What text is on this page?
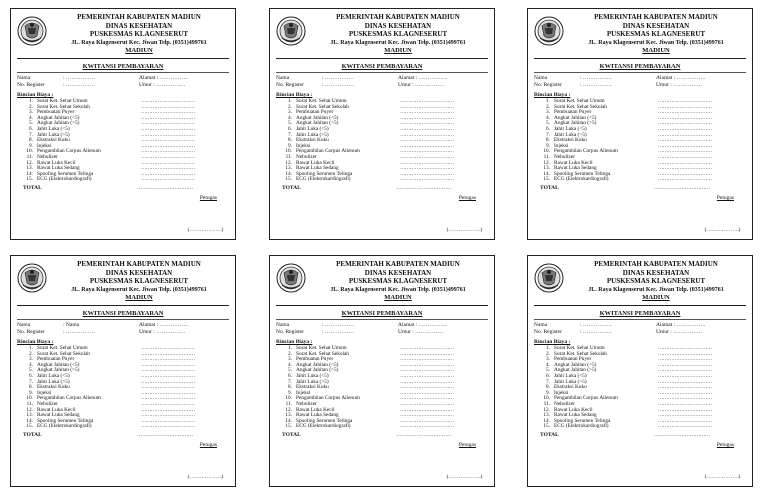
PEMERINTAH KABUPATEN MADIUN
DINAS KESEHATAN
PUSKESMAS KLAGNESERUT
JL. Raya Klagenserut Kec. Jiwan Telp. (0351)499761
MADIUN
KWITANSI PEMBAYARAN
Nama	: …………….	Alamat : …………….
No. Register	: …………….	Umur : …………….
Rincian Biaya :
1. Surat Ket. Sehat Umum	……………………………
2. Surat Ket. Sehat Sekolah	……………………………
3. Pembuatan Puyer	……………………………
4. Angkat Jahitan (<5)	……………………………
5. Angkat Jahitan (>5)	……………………………
6. Jahit Luka (<5)	……………………………
7. Jahit Luka (>5)	……………………………
8. Ekstraksi Kuku	……………………………
9. Injeksi	……………………………
10. Pengambilan Corpus Alienum	……………………………
11. Nebulizer	……………………………
12. Rawat Luka Kecil	……………………………
13. Rawat Luka Sedang	……………………………
14. Spooling Serumen Telinga	……………………………
15. ECG (Elektrokardiografi)	……………………………
TOTAL	……………………………
Petugas
(……………….)
PEMERINTAH KABUPATEN MADIUN
DINAS KESEHATAN
PUSKESMAS KLAGNESERUT
JL. Raya Klagenserut Kec. Jiwan Telp. (0351)499761
MADIUN
KWITANSI PEMBAYARAN
Nama	: …………….	Alamat : …………….
No. Register	: …………….	Umur : …………….
Rincian Biaya :
1. Surat Ket. Sehat Umum	……………………………
2. Surat Ket. Sehat Sekolah	……………………………
3. Pembuatan Puyer	……………………………
4. Angkat Jahitan (<5)	……………………………
5. Angkat Jahitan (>5)	……………………………
6. Jahit Luka (<5)	……………………………
7. Jahit Luka (>5)	……………………………
8. Ekstraksi Kuku	……………………………
9. Injeksi	……………………………
10. Pengambilan Corpus Alienum	……………………………
11. Nebulizer	……………………………
12. Rawat Luka Kecil	……………………………
13. Rawat Luka Sedang	……………………………
14. Spooling Serumen Telinga	……………………………
15. ECG (Elektrokardiografi)	……………………………
TOTAL	……………………………
Petugas
(……………….)
PEMERINTAH KABUPATEN MADIUN
DINAS KESEHATAN
PUSKESMAS KLAGNESERUT
JL. Raya Klagenserut Kec. Jiwan Telp. (0351)499761
MADIUN
KWITANSI PEMBAYARAN
Nama	: …………….	Alamat : …………….
No. Register	: …………….	Umur : …………….
Rincian Biaya :
1. Surat Ket. Sehat Umum	……………………………
2. Surat Ket. Sehat Sekolah	……………………………
3. Pembuatan Puyer	……………………………
4. Angkat Jahitan (<5)	……………………………
5. Angkat Jahitan (>5)	……………………………
6. Jahit Luka (<5)	……………………………
7. Jahit Luka (>5)	……………………………
8. Ekstraksi Kuku	……………………………
9. Injeksi	……………………………
10. Pengambilan Corpus Alienum	……………………………
11. Nebulizer	……………………………
12. Rawat Luka Kecil	……………………………
13. Rawat Luka Sedang	……………………………
14. Spooling Serumen Telinga	……………………………
15. ECG (Elektrokardiografi)	……………………………
TOTAL	……………………………
Petugas
(……………….)
PEMERINTAH KABUPATEN MADIUN
DINAS KESEHATAN
PUSKESMAS KLAGNESERUT
JL. Raya Klagenserut Kec. Jiwan Telp. (0351)499761
MADIUN
KWITANSI PEMBAYARAN
Nama	: Nama	Alamat : …………….
No. Register	: …………….	Umur : …………….
Rincian Biaya :
1. Surat Ket. Sehat Umum	……………………………
2. Surat Ket. Sehat Sekolah	……………………………
3. Pembuatan Puyer	……………………………
4. Angkat Jahitan (<5)	……………………………
5. Angkat Jahitan (>5)	……………………………
6. Jahit Luka (<5)	……………………………
7. Jahit Luka (>5)	……………………………
8. Ekstraksi Kuku	……………………………
9. Injeksi	……………………………
10. Pengambilan Corpus Alienum	……………………………
11. Nebulizer	……………………………
12. Rawat Luka Kecil	……………………………
13. Rawat Luka Sedang	……………………………
14. Spooling Serumen Telinga	……………………………
15. ECG (Elektrokardiografi)	……………………………
TOTAL	……………………………
Petugas
(……………….)
PEMERINTAH KABUPATEN MADIUN
DINAS KESEHATAN
PUSKESMAS KLAGNESERUT
JL. Raya Klagenserut Kec. Jiwan Telp. (0351)499761
MADIUN
KWITANSI PEMBAYARAN
Nama	: …………….	Alamat : …………….
No. Register	: …………….	Umur : …………….
Rincian Biaya :
1. Surat Ket. Sehat Umum	……………………………
2. Surat Ket. Sehat Sekolah	……………………………
3. Pembuatan Puyer	……………………………
4. Angkat Jahitan (<5)	……………………………
5. Angkat Jahitan (>5)	……………………………
6. Jahit Luka (<5)	……………………………
7. Jahit Luka (>5)	……………………………
8. Ekstraksi Kuku	……………………………
9. Injeksi	……………………………
10. Pengambilan Corpus Alienum	……………………………
11. Nebulizer	……………………………
12. Rawat Luka Kecil	……………………………
13. Rawat Luka Sedang	……………………………
14. Spooling Serumen Telinga	……………………………
15. ECG (Elektrokardiografi)	……………………………
TOTAL	……………………………
Petugas
(……………….)
PEMERINTAH KABUPATEN MADIUN
DINAS KESEHATAN
PUSKESMAS KLAGNESERUT
JL. Raya Klagenserut Kec. Jiwan Telp. (0351)499761
MADIUN
KWITANSI PEMBAYARAN
Nama	: …………….	Alamat : …………….
No. Register	: …………….	Umur : …………….
Rincian Biaya :
1. Surat Ket. Sehat Umum	……………………………
2. Surat Ket. Sehat Sekolah	……………………………
3. Pembuatan Puyer	……………………………
4. Angkat Jahitan (<5)	……………………………
5. Angkat Jahitan (>5)	……………………………
6. Jahit Luka (<5)	……………………………
7. Jahit Luka (>5)	……………………………
8. Ekstraksi Kuku	……………………………
9. Injeksi	……………………………
10. Pengambilan Corpus Alienum	……………………………
11. Nebulizer	……………………………
12. Rawat Luka Kecil	……………………………
13. Rawat Luka Sedang	……………………………
14. Spooling Serumen Telinga	……………………………
15. ECG (Elektrokardiografi)	……………………………
TOTAL	……………………………
Petugas
(……………….)
